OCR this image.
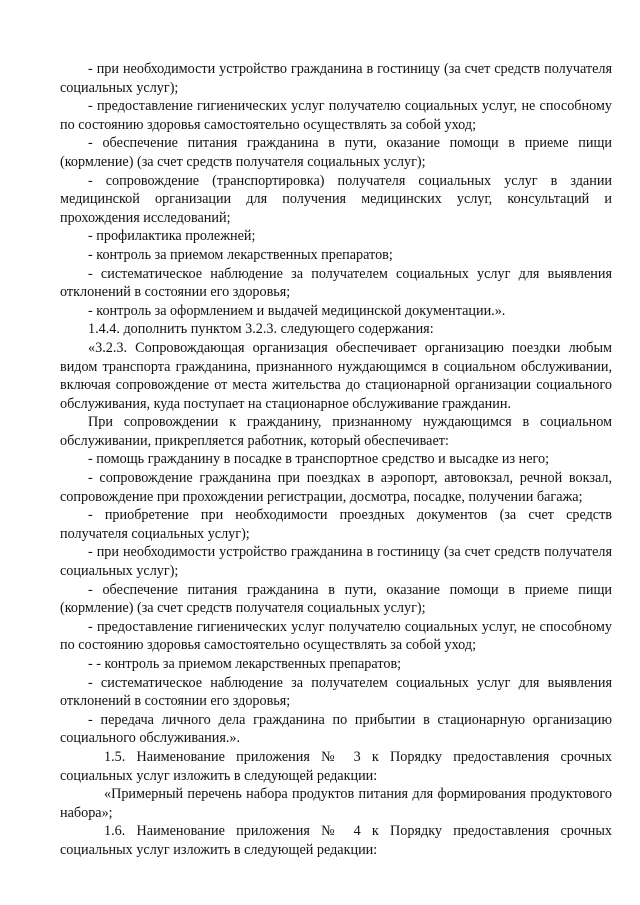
- при необходимости устройство гражданина в гостиницу (за счет средств получателя социальных услуг);

- предоставление гигиенических услуг получателю социальных услуг, не способному по состоянию здоровья самостоятельно осуществлять за собой уход;

- обеспечение питания гражданина в пути, оказание помощи в приеме пищи (кормление) (за счет средств получателя социальных услуг);

- сопровождение (транспортировка) получателя социальных услуг в здании медицинской организации для получения медицинских услуг, консультаций и прохождения исследований;

- профилактика пролежней;

- контроль за приемом лекарственных препаратов;

- систематическое наблюдение за получателем социальных услуг для выявления отклонений в состоянии его здоровья;

- контроль за оформлением и выдачей медицинской документации.».

1.4.4. дополнить пунктом 3.2.3. следующего содержания:

«3.2.3. Сопровождающая организация обеспечивает организацию поездки любым видом транспорта гражданина, признанного нуждающимся в социальном обслуживании, включая сопровождение от места жительства до стационарной организации социального обслуживания, куда поступает на стационарное обслуживание гражданин.

При сопровождении к гражданину, признанному нуждающимся в социальном обслуживании, прикрепляется работник, который обеспечивает:

- помощь гражданину в посадке в транспортное средство и высадке из него;

- сопровождение гражданина при поездках в аэропорт, автовокзал, речной вокзал, сопровождение при прохождении регистрации, досмотра, посадке, получении багажа;

- приобретение при необходимости проездных документов (за счет средств получателя социальных услуг);

- при необходимости устройство гражданина в гостиницу (за счет средств получателя социальных услуг);

- обеспечение питания гражданина в пути, оказание помощи в приеме пищи (кормление) (за счет средств получателя социальных услуг);

- предоставление гигиенических услуг получателю социальных услуг, не способному по состоянию здоровья самостоятельно осуществлять за собой уход;

- - контроль за приемом лекарственных препаратов;

- систематическое наблюдение за получателем социальных услуг для выявления отклонений в состоянии его здоровья;

- передача личного дела гражданина по прибытии в стационарную организацию социального обслуживания.».

1.5. Наименование приложения № 3 к Порядку предоставления срочных социальных услуг изложить в следующей редакции:

«Примерный перечень набора продуктов питания для формирования продуктового набора»;

1.6. Наименование приложения № 4 к Порядку предоставления срочных социальных услуг изложить в следующей редакции:
